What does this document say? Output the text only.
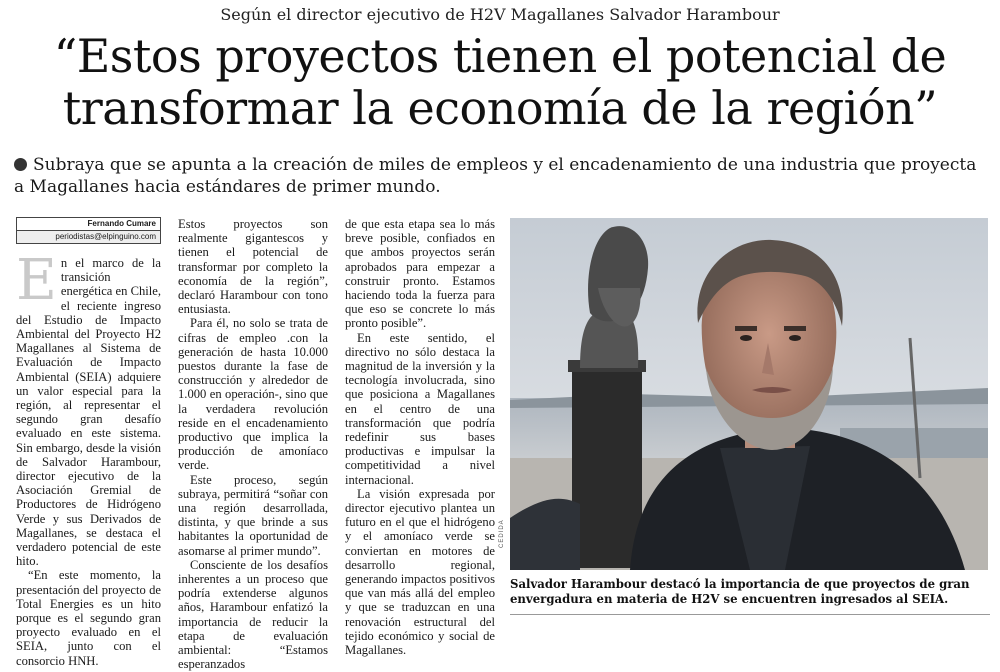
Según el director ejecutivo de H2V Magallanes Salvador Harambour
“Estos proyectos tienen el potencial de
transformar la economía de la región”
Subraya que se apunta a la creación de miles de empleos y el encadenamiento de una industria que proyecta a Magallanes hacia estándares de primer mundo.
Fernando Cumare
periodistas@elpinguino.com
E n el marco de la transición energética en Chile, el reciente ingreso del Estudio de Impacto Ambiental del Proyecto H2 Magallanes al Sistema de Evaluación de Impacto Ambiental (SEIA) adquiere un valor especial para la región, al representar el segundo gran desafío evaluado en este sistema. Sin embargo, desde la visión de Salvador Harambour, director ejecutivo de la Asociación Gremial de Productores de Hidrógeno Verde y sus Derivados de Magallanes, se destaca el verdadero potencial de este hito.

“En este momento, la presentación del proyecto de Total Energies es un hito porque es el segundo gran proyecto evaluado en el SEIA, junto con el consorcio HNH.

Estos proyectos son realmente gigantescos y tienen el potencial de transformar por completo la economía de la región”, declaró Harambour con tono entusiasta.

Para él, no solo se trata de cifras de empleo .con la generación de hasta 10.000 puestos durante la fase de construcción y alrededor de 1.000 en operación-, sino que la verdadera revolución reside en el encadenamiento productivo que implica la producción de amoníaco verde.

Este proceso, según subraya, permitirá “soñar con una región desarrollada, distinta, y que brinde a sus habitantes la oportunidad de asomarse al primer mundo”.

Consciente de los desafíos inherentes a un proceso que podría extenderse algunos años, Harambour enfatizó la importancia de reducir la etapa de evaluación ambiental: “Estamos esperanzados

de que esta etapa sea lo más breve posible, confiados en que ambos proyectos serán aprobados para empezar a construir pronto. Estamos haciendo toda la fuerza para que eso se concrete lo más pronto posible”.

En este sentido, el directivo no sólo destaca la magnitud de la inversión y la tecnología involucrada, sino que posiciona a Magallanes en el centro de una transformación que podría redefinir sus bases productivas e impulsar la competitividad a nivel internacional.

La visión expresada por director ejecutivo plantea un futuro en el que el hidrógeno y el amoníaco verde se conviertan en motores de desarrollo regional, generando impactos positivos que van más allá del empleo y que se traduzcan en una renovación estructural del tejido económico y social de Magallanes.

CEDIDA
Salvador Harambour destacó la importancia de que proyectos de gran envergadura en materia de H2V se encuentren ingresados al SEIA.
